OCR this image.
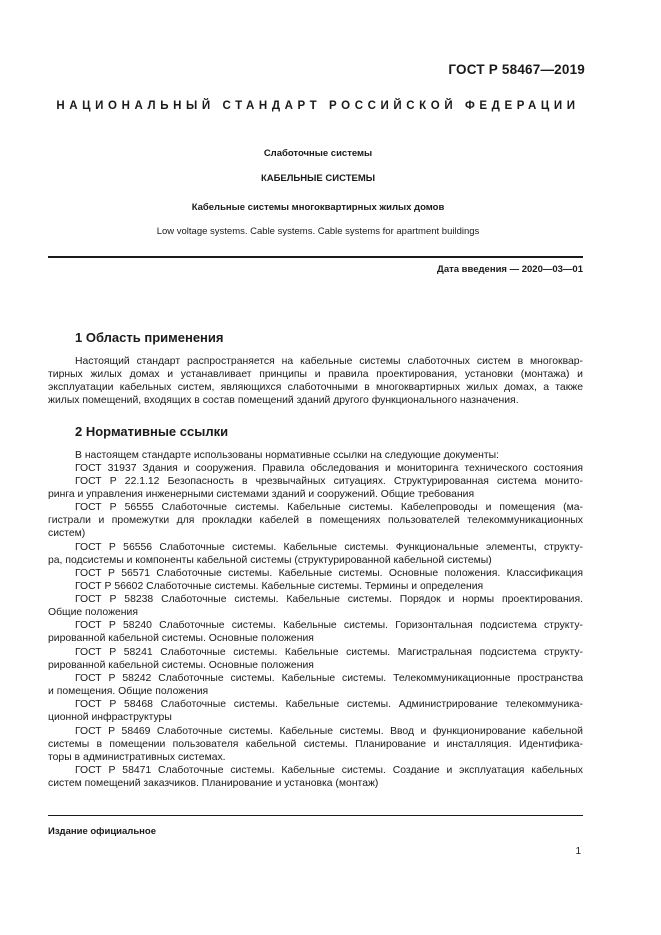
ГОСТ Р 58467—2019
НАЦИОНАЛЬНЫЙ СТАНДАРТ РОССИЙСКОЙ ФЕДЕРАЦИИ
Слаботочные системы
КАБЕЛЬНЫЕ СИСТЕМЫ
Кабельные системы многоквартирных жилых домов
Low voltage systems. Cable systems. Cable systems for apartment buildings
Дата введения — 2020—03—01
1 Область применения
Настоящий стандарт распространяется на кабельные системы слаботочных систем в многоквар-
тирных жилых домах и устанавливает принципы и правила проектирования, установки (монтажа) и
эксплуатации кабельных систем, являющихся слаботочными в многоквартирных жилых домах, а также
жилых помещений, входящих в состав помещений зданий другого функционального назначения.
2 Нормативные ссылки
В настоящем стандарте использованы нормативные ссылки на следующие документы:
ГОСТ 31937 Здания и сооружения. Правила обследования и мониторинга технического состояния
ГОСТ Р 22.1.12 Безопасность в чрезвычайных ситуациях. Структурированная система монито-
ринга и управления инженерными системами зданий и сооружений. Общие требования
ГОСТ Р 56555 Слаботочные системы. Кабельные системы. Кабелепроводы и помещения (ма-
гистрали и промежутки для прокладки кабелей в помещениях пользователей телекоммуникационных
систем)
ГОСТ Р 56556 Слаботочные системы. Кабельные системы. Функциональные элементы, структу-
ра, подсистемы и компоненты кабельной системы (структурированной кабельной системы)
ГОСТ Р 56571 Слаботочные системы. Кабельные системы. Основные положения. Классификация
ГОСТ Р 56602 Слаботочные системы. Кабельные системы. Термины и определения
ГОСТ Р 58238 Слаботочные системы. Кабельные системы. Порядок и нормы проектирования.
Общие положения
ГОСТ Р 58240 Слаботочные системы. Кабельные системы. Горизонтальная подсистема структу-
рированной кабельной системы. Основные положения
ГОСТ Р 58241 Слаботочные системы. Кабельные системы. Магистральная подсистема структу-
рированной кабельной системы. Основные положения
ГОСТ Р 58242 Слаботочные системы. Кабельные системы. Телекоммуникационные пространства
и помещения. Общие положения
ГОСТ Р 58468 Слаботочные системы. Кабельные системы. Администрирование телекоммуника-
ционной инфраструктуры
ГОСТ Р 58469 Слаботочные системы. Кабельные системы. Ввод и функционирование кабельной
системы в помещении пользователя кабельной системы. Планирование и инсталляция. Идентифика-
торы в административных системах.
ГОСТ Р 58471 Слаботочные системы. Кабельные системы. Создание и эксплуатация кабельных
систем помещений заказчиков. Планирование и установка (монтаж)
Издание официальное
1
